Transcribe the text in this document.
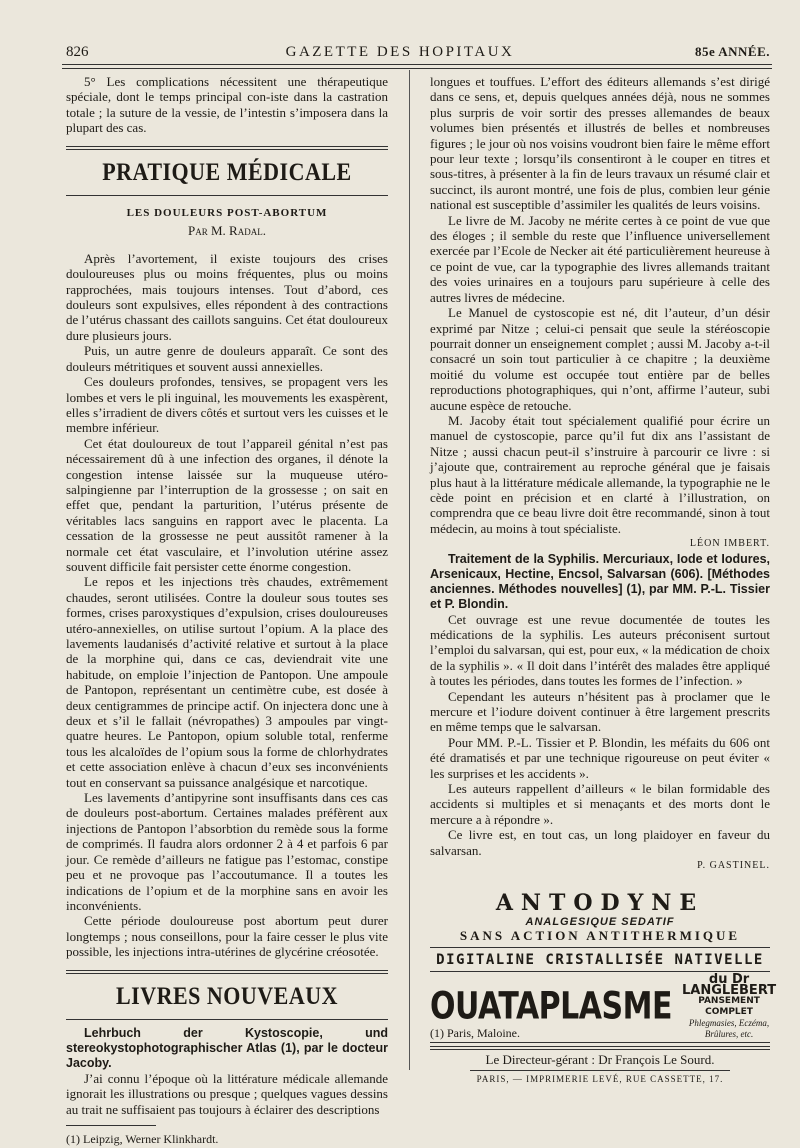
826	GAZETTE DES HOPITAUX	85e ANNÉE.

5° Les complications nécessitent une thérapeutique spéciale, dont le temps principal con-iste dans la castration totale ; la suture de la vessie, de l’intestin s’imposera dans la plupart des cas.

PRATIQUE MÉDICALE
LES DOULEURS POST-ABORTUM
Par M. Radal.

Après l’avortement, il existe toujours des crises douloureuses plus ou moins fréquentes, plus ou moins rapprochées, mais toujours intenses. Tout d’abord, ces douleurs sont expulsives, elles répondent à des contractions de l’utérus chassant des caillots sanguins. Cet état douloureux dure plusieurs jours.

Puis, un autre genre de douleurs apparaît. Ce sont des douleurs métritiques et souvent aussi annexielles.

Ces douleurs profondes, tensives, se propagent vers les lombes et vers le pli inguinal, les mouvements les exaspèrent, elles s’irradient de divers côtés et surtout vers les cuisses et le membre inférieur.

Cet état douloureux de tout l’appareil génital n’est pas nécessairement dû à une infection des organes, il dénote la congestion intense laissée sur la muqueuse utéro-salpingienne par l’interruption de la grossesse ; on sait en effet que, pendant la parturition, l’utérus présente de véritables lacs sanguins en rapport avec le placenta. La cessation de la grossesse ne peut aussitôt ramener à la normale cet état vasculaire, et l’involution utérine assez souvent difficile fait persister cette énorme congestion.

Le repos et les injections très chaudes, extrêmement chaudes, seront utilisées. Contre la douleur sous toutes ses formes, crises paroxystiques d’expulsion, crises douloureuses utéro-annexielles, on utilise surtout l’opium. A la place des lavements laudanisés d’activité relative et surtout à la place de la morphine qui, dans ce cas, deviendrait vite une habitude, on emploie l’injection de Pantopon. Une ampoule de Pantopon, représentant un centimètre cube, est dosée à deux centigrammes de principe actif. On injectera donc une à deux et s’il le fallait (névropathes) 3 ampoules par vingt-quatre heures. Le Pantopon, opium soluble total, renferme tous les alcaloïdes de l’opium sous la forme de chlorhydrates et cette association enlève à chacun d’eux ses inconvénients tout en conservant sa puissance analgésique et narcotique.

Les lavements d’antipyrine sont insuffisants dans ces cas de douleurs post-abortum. Certaines malades préfèrent aux injections de Pantopon l’absorbtion du remède sous la forme de comprimés. Il faudra alors ordonner 2 à 4 et parfois 6 par jour. Ce remède d’ailleurs ne fatigue pas l’estomac, constipe peu et ne provoque pas l’accoutumance. Il a toutes les indications de l’opium et de la morphine sans en avoir les inconvénients.

Cette période douloureuse post abortum peut durer longtemps ; nous conseillons, pour la faire cesser le plus vite possible, les injections intra-utérines de glycérine créosotée.

LIVRES NOUVEAUX

Lehrbuch der Kystoscopie, und stereokystophotographischer Atlas (1), par le docteur Jacoby.

J’ai connu l’époque où la littérature médicale allemande ignorait les illustrations ou presque ; quelques vagues dessins au trait ne suffisaient pas toujours à éclairer des descriptions

(1) Leipzig, Werner Klinkhardt.

longues et touffues. L’effort des éditeurs allemands s’est dirigé dans ce sens, et, depuis quelques années déjà, nous ne sommes plus surpris de voir sortir des presses allemandes de beaux volumes bien présentés et illustrés de belles et nombreuses figures ; le jour où nos voisins voudront bien faire le même effort pour leur texte ; lorsqu’ils consentiront à le couper en titres et sous-titres, à présenter à la fin de leurs travaux un résumé clair et succinct, ils auront montré, une fois de plus, combien leur génie national est susceptible d’assimiler les qualités de leurs voisins.

Le livre de M. Jacoby ne mérite certes à ce point de vue que des éloges ; il semble du reste que l’influence universellement exercée par l’Ecole de Necker ait été particulièrement heureuse à ce point de vue, car la typographie des livres allemands traitant des voies urinaires en a toujours paru supérieure à celle des autres livres de médecine.

Le Manuel de cystoscopie est né, dit l’auteur, d’un désir exprimé par Nitze ; celui-ci pensait que seule la stéréoscopie pourrait donner un enseignement complet ; aussi M. Jacoby a-t-il consacré un soin tout particulier à ce chapitre ; la deuxième moitié du volume est occupée tout entière par de belles reproductions photographiques, qui n’ont, affirme l’auteur, subi aucune espèce de retouche.

M. Jacoby était tout spécialement qualifié pour écrire un manuel de cystoscopie, parce qu’il fut dix ans l’assistant de Nitze ; aussi chacun peut-il s’instruire à parcourir ce livre : si j’ajoute que, contrairement au reproche général que je faisais plus haut à la littérature médicale allemande, la typographie ne le cède point en précision et en clarté à l’illustration, on comprendra que ce beau livre doit être recommandé, sinon à tout médecin, au moins à tout spécialiste.

LÉON IMBERT.

Traitement de la Syphilis. Mercuriaux, Iode et Iodures, Arsenicaux, Hectine, Encsol, Salvarsan (606). [Méthodes anciennes. Méthodes nouvelles] (1), par MM. P.-L. Tissier et P. Blondin.

Cet ouvrage est une revue documentée de toutes les médications de la syphilis. Les auteurs préconisent surtout l’emploi du salvarsan, qui est, pour eux, « la médication de choix de la syphilis ». « Il doit dans l’intérêt des malades être appliqué à toutes les périodes, dans toutes les formes de l’infection. »

Cependant les auteurs n’hésitent pas à proclamer que le mercure et l’iodure doivent continuer à être largement prescrits en même temps que le salvarsan.

Pour MM. P.-L. Tissier et P. Blondin, les méfaits du 606 ont été dramatisés et par une technique rigoureuse on peut éviter « les surprises et les accidents ».

Les auteurs rappellent d’ailleurs « le bilan formidable des accidents si multiples et si menaçants et des morts dont le mercure a à répondre ».

Ce livre est, en tout cas, un long plaidoyer en faveur du salvarsan.

P. GASTINEL.

ANTODYNE
ANALGESIQUE SEDATIF
SANS ACTION ANTITHERMIQUE
DIGITALINE CRISTALLISÉE NATIVELLE
OUATAPLASME
du Dr LANGLEBERT
PANSEMENT COMPLET
Phlegmasies, Eczéma, Brûlures, etc.
(1) Paris, Maloine.
Le Directeur-gérant : Dr François Le Sourd.
PARIS, — IMPRIMERIE LEVÉ, RUE CASSETTE, 17.
